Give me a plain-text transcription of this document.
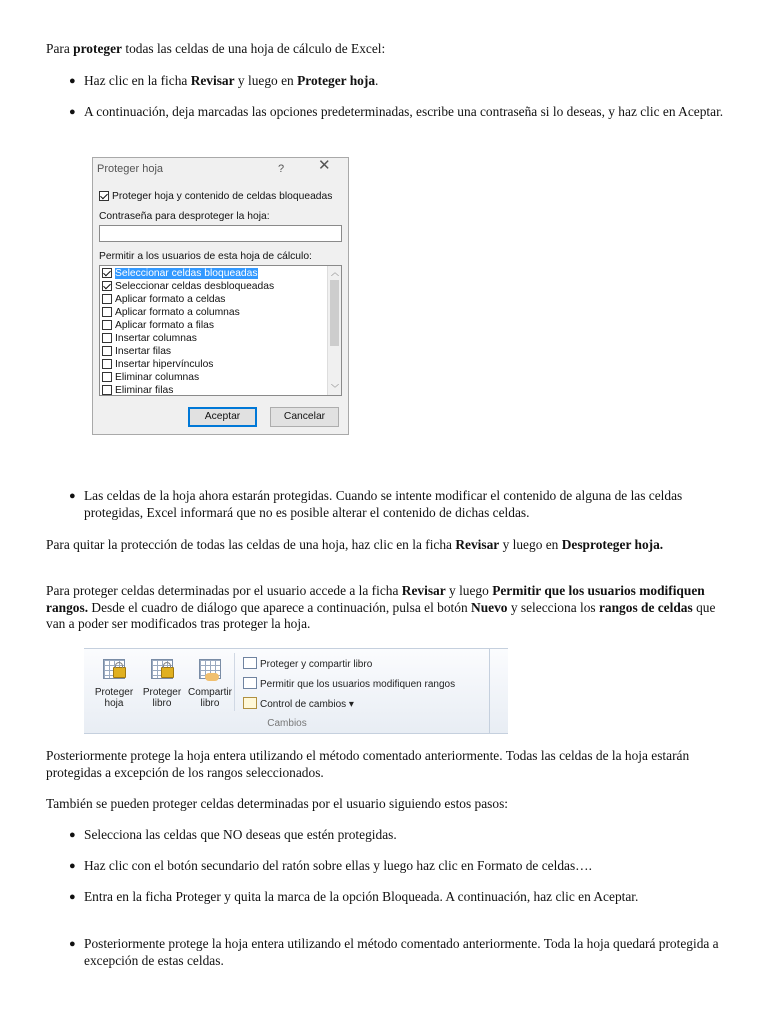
Para proteger todas las celdas de una hoja de cálculo de Excel:

● Haz clic en la ficha Revisar y luego en Proteger hoja.

● A continuación, deja marcadas las opciones predeterminadas, escribe una contraseña si lo deseas, y haz clic en Aceptar.

Proteger hoja	? ✕
Proteger hoja y contenido de celdas bloqueadas
Contraseña para desproteger la hoja:
Permitir a los usuarios de esta hoja de cálculo:
Seleccionar celdas bloqueadas
Seleccionar celdas desbloqueadas
Aplicar formato a celdas
Aplicar formato a columnas
Aplicar formato a filas
Insertar columnas
Insertar filas
Insertar hipervínculos
Eliminar columnas
Eliminar filas
︿
﹀
Aceptar	Cancelar

● Las celdas de la hoja ahora estarán protegidas. Cuando se intente modificar el contenido de alguna de las celdas protegidas, Excel informará que no es posible alterar el contenido de dichas celdas.

Para quitar la protección de todas las celdas de una hoja, haz clic en la ficha Revisar y luego en Desproteger hoja.

Para proteger celdas determinadas por el usuario accede a la ficha Revisar y luego Permitir que los usuarios modifiquen rangos. Desde el cuadro de diálogo que aparece a continuación, pulsa el botón Nuevo y selecciona los rangos de celdas que van a poder ser modificados tras proteger la hoja.

Proteger
hoja
Proteger
libro
Compartir
libro
Proteger y compartir libro
Permitir que los usuarios modifiquen rangos
Control de cambios ▾
Cambios

Posteriormente protege la hoja entera utilizando el método comentado anteriormente. Todas las celdas de la hoja estarán protegidas a excepción de los rangos seleccionados.

También se pueden proteger celdas determinadas por el usuario siguiendo estos pasos:

● Selecciona las celdas que NO deseas que estén protegidas.

● Haz clic con el botón secundario del ratón sobre ellas y luego haz clic en Formato de celdas….

● Entra en la ficha Proteger y quita la marca de la opción Bloqueada. A continuación, haz clic en Aceptar.

● Posteriormente protege la hoja entera utilizando el método comentado anteriormente. Toda la hoja quedará protegida a excepción de estas celdas.
